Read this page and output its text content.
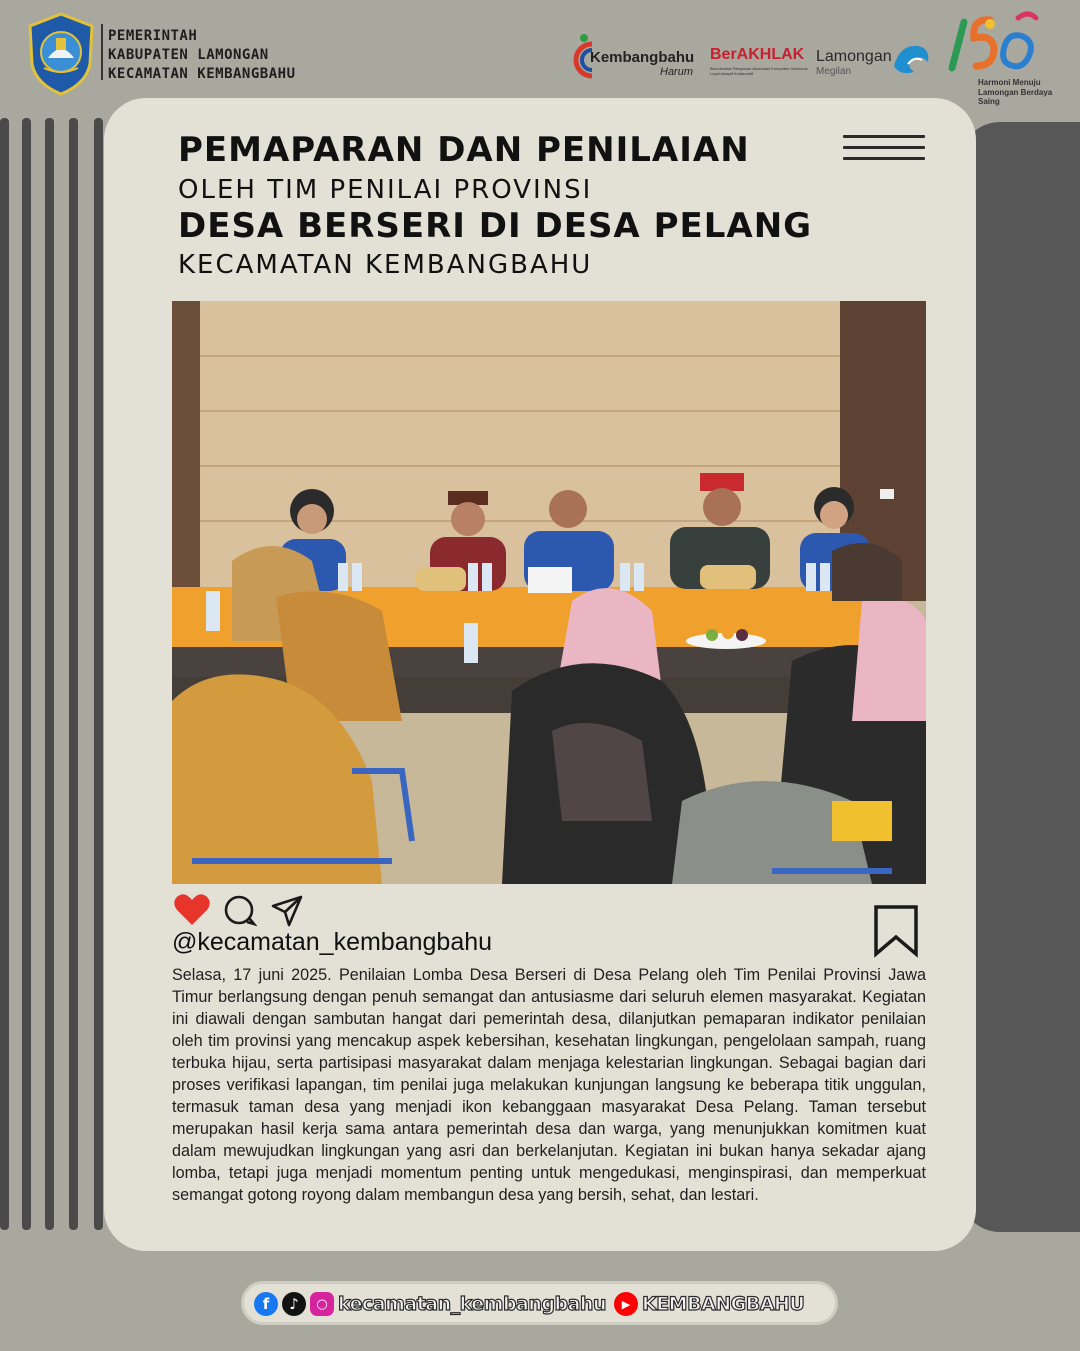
PEMERINTAH
KABUPATEN LAMONGAN
KECAMATAN KEMBANGBAHU
Kembangbahu
Harum
BerAKHLAK
Berorientasi Pelayanan Akuntabel Kompeten Harmonis Loyal Adaptif Kolaboratif
Lamongan
Megilan
Harmoni Menuju
Lamongan Berdaya Saing
PEMAPARAN DAN PENILAIAN
OLEH TIM PENILAI PROVINSI
DESA BERSERI DI DESA PELANG
KECAMATAN KEMBANGBAHU
@kecamatan_kembangbahu
Selasa, 17 juni 2025. Penilaian Lomba Desa Berseri di Desa Pelang oleh Tim Penilai Provinsi Jawa Timur berlangsung dengan penuh semangat dan antusiasme dari seluruh elemen masyarakat. Kegiatan ini diawali dengan sambutan hangat dari pemerintah desa, dilanjutkan pemaparan indikator penilaian oleh tim provinsi yang mencakup aspek kebersihan, kesehatan lingkungan, pengelolaan sampah, ruang terbuka hijau, serta partisipasi masyarakat dalam menjaga kelestarian lingkungan. Sebagai bagian dari proses verifikasi lapangan, tim penilai juga melakukan kunjungan langsung ke beberapa titik unggulan, termasuk taman desa yang menjadi ikon kebanggaan masyarakat Desa Pelang. Taman tersebut merupakan hasil kerja sama antara pemerintah desa dan warga, yang menunjukkan komitmen kuat dalam mewujudkan lingkungan yang asri dan berkelanjutan. Kegiatan ini bukan hanya sekadar ajang lomba, tetapi juga menjadi momentum penting untuk mengedukasi, menginspirasi, dan memperkuat semangat gotong royong dalam membangun desa yang bersih, sehat, dan lestari.
f	♪	○ kecamatan_kembangbahu	▶ KEMBANGBAHU
